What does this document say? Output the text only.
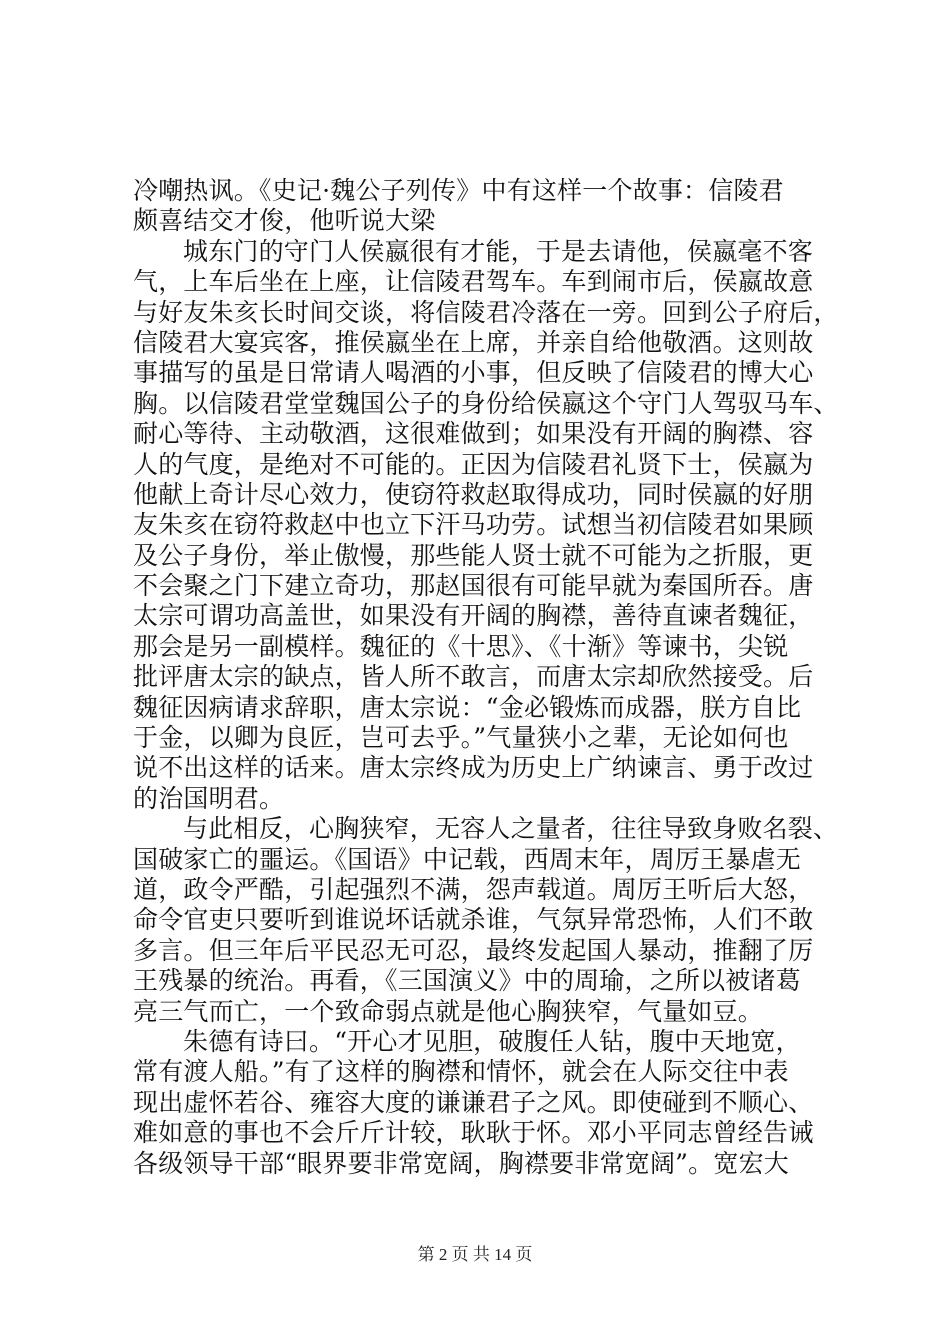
冷嘲热讽。《史记·魏公子列传》中有这样一个故事：信陵君
颇喜结交才俊，他听说大梁
城东门的守门人侯嬴很有才能，于是去请他，侯嬴毫不客
气，上车后坐在上座，让信陵君驾车。车到闹市后，侯嬴故意
与好友朱亥长时间交谈，将信陵君冷落在一旁。回到公子府后，
信陵君大宴宾客，推侯嬴坐在上席，并亲自给他敬酒。这则故
事描写的虽是日常请人喝酒的小事，但反映了信陵君的博大心
胸。以信陵君堂堂魏国公子的身份给侯嬴这个守门人驾驭马车、
耐心等待、主动敬酒，这很难做到；如果没有开阔的胸襟、容
人的气度，是绝对不可能的。正因为信陵君礼贤下士，侯嬴为
他献上奇计尽心效力，使窃符救赵取得成功，同时侯嬴的好朋
友朱亥在窃符救赵中也立下汗马功劳。试想当初信陵君如果顾
及公子身份，举止傲慢，那些能人贤士就不可能为之折服，更
不会聚之门下建立奇功，那赵国很有可能早就为秦国所吞。唐
太宗可谓功高盖世，如果没有开阔的胸襟，善待直谏者魏征，
那会是另一副模样。魏征的《十思》、《十渐》等谏书，尖锐
批评唐太宗的缺点，皆人所不敢言，而唐太宗却欣然接受。后
魏征因病请求辞职，唐太宗说：“金必锻炼而成器，朕方自比
于金，以卿为良匠，岂可去乎。”气量狭小之辈，无论如何也
说不出这样的话来。唐太宗终成为历史上广纳谏言、勇于改过
的治国明君。
与此相反，心胸狭窄，无容人之量者，往往导致身败名裂、
国破家亡的噩运。《国语》中记载，西周末年，周厉王暴虐无
道，政令严酷，引起强烈不满，怨声载道。周厉王听后大怒，
命令官吏只要听到谁说坏话就杀谁，气氛异常恐怖，人们不敢
多言。但三年后平民忍无可忍，最终发起国人暴动，推翻了厉
王残暴的统治。再看，《三国演义》中的周瑜，之所以被诸葛
亮三气而亡，一个致命弱点就是他心胸狭窄，气量如豆。
朱德有诗曰。“开心才见胆，破腹任人钻，腹中天地宽，
常有渡人船。”有了这样的胸襟和情怀，就会在人际交往中表
现出虚怀若谷、雍容大度的谦谦君子之风。即使碰到不顺心、
难如意的事也不会斤斤计较，耿耿于怀。邓小平同志曾经告诫
各级领导干部“眼界要非常宽阔，胸襟要非常宽阔”。宽宏大
第 2 页 共 14 页
